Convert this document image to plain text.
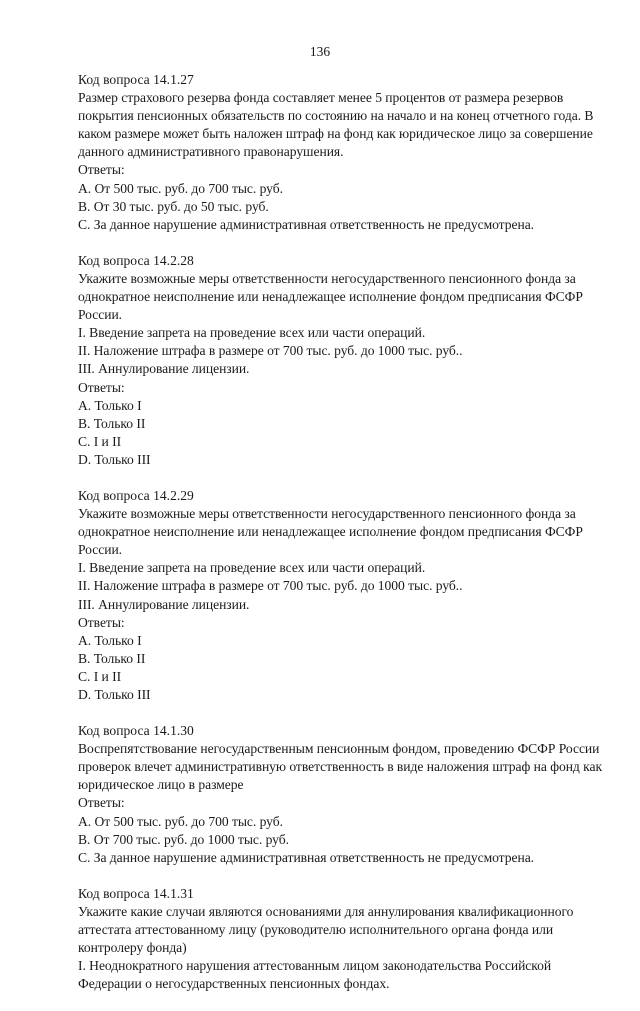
136
Код вопроса 14.1.27
Размер страхового резерва фонда составляет менее 5 процентов от размера резервов
покрытия пенсионных обязательств по состоянию на начало и на конец отчетного года. В
каком размере может быть наложен штраф на фонд как юридическое лицо за совершение
данного административного правонарушения.
Ответы:
А. От 500 тыс. руб. до 700 тыс. руб.
В. От 30 тыс. руб. до 50 тыс. руб.
С. За данное нарушение административная ответственность не предусмотрена.
Код вопроса 14.2.28
Укажите возможные меры ответственности негосударственного пенсионного фонда за
однократное неисполнение или ненадлежащее исполнение фондом предписания ФСФР
России.
I. Введение запрета на проведение всех или части операций.
II. Наложение штрафа в размере от 700 тыс. руб. до 1000 тыс. руб..
III. Аннулирование лицензии.
Ответы:
A. Только I
B. Только II
C. I и II
D. Только III
Код вопроса 14.2.29
Укажите возможные меры ответственности негосударственного пенсионного фонда за
однократное неисполнение или ненадлежащее исполнение фондом предписания ФСФР
России.
I. Введение запрета на проведение всех или части операций.
II. Наложение штрафа в размере от 700 тыс. руб. до 1000 тыс. руб..
III. Аннулирование лицензии.
Ответы:
A. Только I
B. Только II
C. I и II
D. Только III
Код вопроса 14.1.30
Воспрепятствование негосударственным пенсионным фондом, проведению ФСФР России
проверок влечет административную ответственность в виде наложения штраф на фонд как
юридическое лицо в размере
Ответы:
А. От 500 тыс. руб. до 700 тыс. руб.
В. От 700 тыс. руб. до 1000 тыс. руб.
С. За данное нарушение административная ответственность не предусмотрена.
Код вопроса 14.1.31
Укажите какие случаи являются основаниями для аннулирования квалификационного
аттестата аттестованному лицу (руководителю исполнительного органа фонда или
контролеру фонда)
I. Неоднократного нарушения аттестованным лицом законодательства Российской
Федерации о негосударственных пенсионных фондах.
